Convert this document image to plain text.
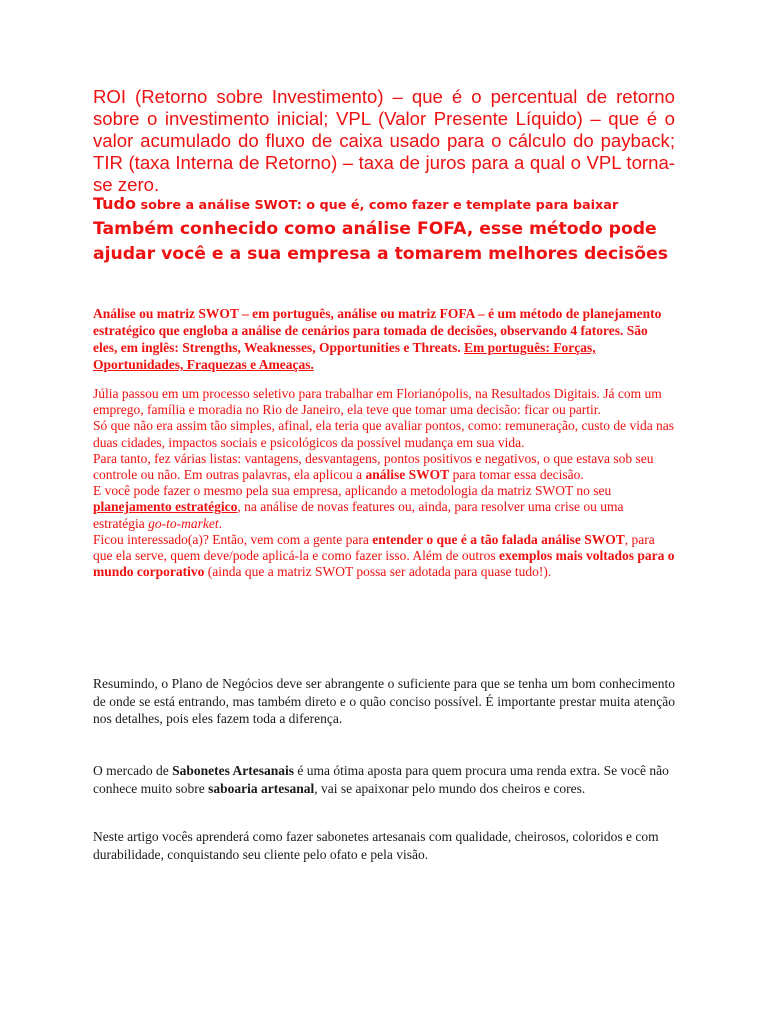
ROI (Retorno sobre Investimento) – que é o percentual de retorno sobre o investimento inicial; VPL (Valor Presente Líquido) – que é o valor acumulado do fluxo de caixa usado para o cálculo do payback; TIR (taxa Interna de Retorno) – taxa de juros para a qual o VPL torna-se zero.

Tudo sobre a análise SWOT: o que é, como fazer e template para baixar

Também conhecido como análise FOFA, esse método pode ajudar você e a sua empresa a tomarem melhores decisões

Análise ou matriz SWOT – em português, análise ou matriz FOFA – é um método de planejamento estratégico que engloba a análise de cenários para tomada de decisões, observando 4 fatores. São eles, em inglês: Strengths, Weaknesses, Opportunities e Threats. Em português: Forças, Oportunidades, Fraquezas e Ameaças.

Júlia passou em um processo seletivo para trabalhar em Florianópolis, na Resultados Digitais. Já com um emprego, família e moradia no Rio de Janeiro, ela teve que tomar uma decisão: ficar ou partir.

Só que não era assim tão simples, afinal, ela teria que avaliar pontos, como: remuneração, custo de vida nas duas cidades, impactos sociais e psicológicos da possível mudança em sua vida.

Para tanto, fez várias listas: vantagens, desvantagens, pontos positivos e negativos, o que estava sob seu controle ou não. Em outras palavras, ela aplicou a análise SWOT para tomar essa decisão.

E você pode fazer o mesmo pela sua empresa, aplicando a metodologia da matriz SWOT no seu planejamento estratégico, na análise de novas features ou, ainda, para resolver uma crise ou uma estratégia go-to-market.

Ficou interessado(a)? Então, vem com a gente para entender o que é a tão falada análise SWOT, para que ela serve, quem deve/pode aplicá-la e como fazer isso. Além de outros exemplos mais voltados para o mundo corporativo (ainda que a matriz SWOT possa ser adotada para quase tudo!).

Resumindo, o Plano de Negócios deve ser abrangente o suficiente para que se tenha um bom conhecimento de onde se está entrando, mas também direto e o quão conciso possível. É importante prestar muita atenção nos detalhes, pois eles fazem toda a diferença.

O mercado de Sabonetes Artesanais é uma ótima aposta para quem procura uma renda extra. Se você não conhece muito sobre saboaria artesanal, vai se apaixonar pelo mundo dos cheiros e cores.

Neste artigo vocês aprenderá como fazer sabonetes artesanais com qualidade, cheirosos, coloridos e com durabilidade, conquistando seu cliente pelo ofato e pela visão.
